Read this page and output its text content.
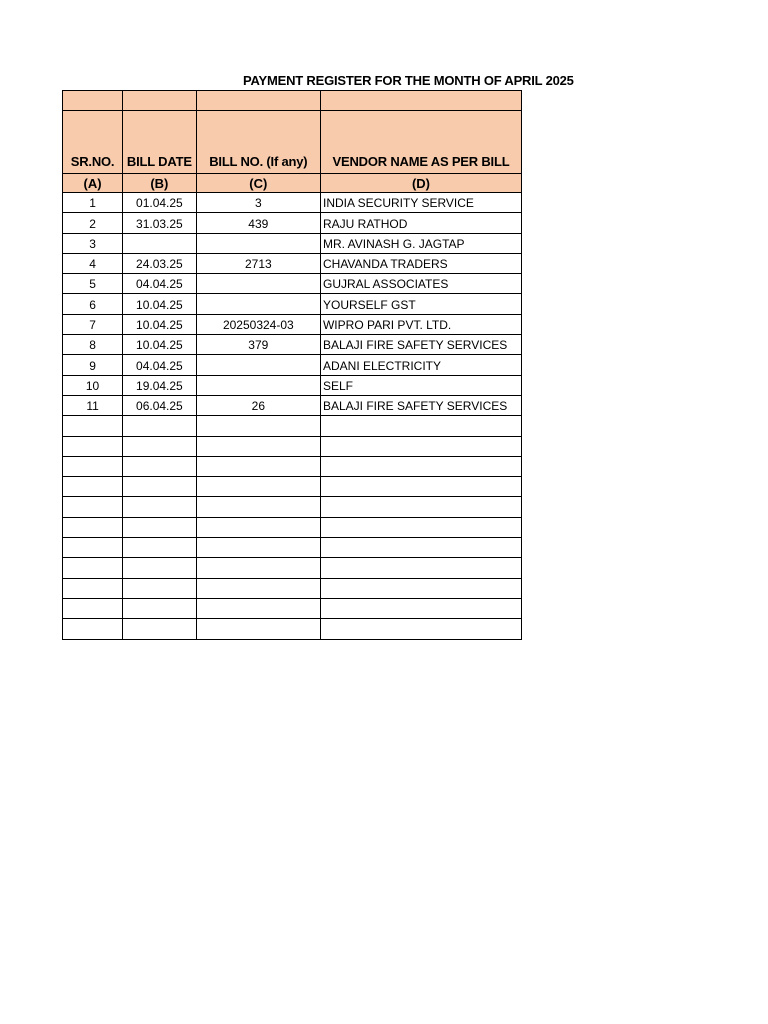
PAYMENT REGISTER FOR THE MONTH OF APRIL 2025

SR.NO.	BILL DATE	BILL NO. (If any)	VENDOR NAME AS PER BILL
(A)	(B)	(C)	(D)
1	01.04.25	3	INDIA SECURITY SERVICE
2	31.03.25	439	RAJU RATHOD
3			MR. AVINASH G. JAGTAP
4	24.03.25	2713	CHAVANDA TRADERS
5	04.04.25		GUJRAL ASSOCIATES
6	10.04.25		YOURSELF GST
7	10.04.25	20250324-03	WIPRO PARI PVT. LTD.
8	10.04.25	379	BALAJI FIRE SAFETY SERVICES
9	04.04.25		ADANI ELECTRICITY
10	19.04.25		SELF
11	06.04.25	26	BALAJI FIRE SAFETY SERVICES
